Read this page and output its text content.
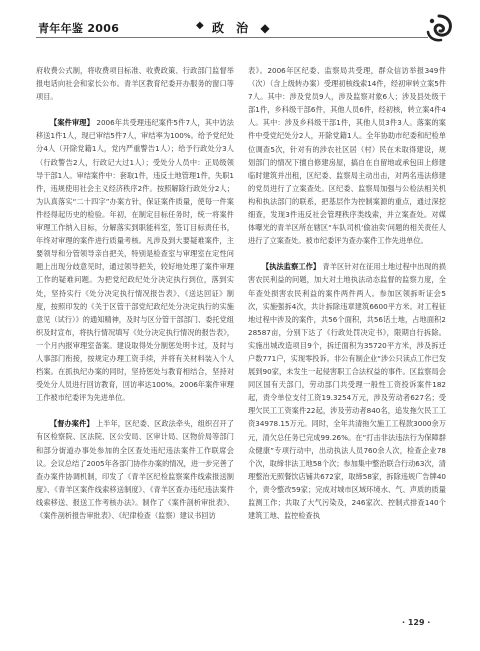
青年年鉴 2006	◆ 政 治 ◆

府收费公式制，将收费项目标准、收费政策、行政部门监督举报电话向社会和家长公布。青羊区教育纪委开办服务的窗口等项目。

【案件审理】 2006年共受理违纪案件5件7人，其中访法移送1件1人，现已审结5件7人，审结率为100%。给予党纪处分4人（开除党籍1人，党内严重警告1人）；给予行政处分3人（行政警告2人，行政记大过1人）；受处分人员中：正局级领导干部1人。审结案件中：套取1件，违反土地管理1件，失职1件，违规使用社会主义经济秩序2件。按照解除行政处分2人；为认真落实“二十四字”办案方针，保证案件质量，使每一件案件经得起历史的检验。年初，在制定目标任务时，统一将案件审理工作纳入目标，分解落实到职能科室，签订目标责任书，年终对审理的案件进行质量考核。凡涉及到大要疑难案件，主要领导和分管领导亲自把关，特别是检查室与审理室在定性问题上出现分歧意见时，通过领导把关，较好地处理了案件审理工作的疑难问题。为把党纪政纪处分决定执行到位，落到实处，坚持实行《处分决定执行情况报告表》、《送达回证》制度，按照印发的《关于区管干部党纪政纪处分决定执行的实施意见（试行）》的通知精神，及时与区分管干部部门、委托党组织及时宣布，将执行情况填写《处分决定执行情况的报告表》，一个月内报审理室备案。建设取得处分制惩处明卡过，及时与人事部门衔接，按规定办理工资手续，并将有关材料装入个人档案。在抓执纪办案的同时，坚持惩处与教育相结合，坚持对受处分人员进行回访教育，回访率达100%。2006年案件审理工作被市纪委评为先进单位。

【督办案件】 上半年，区纪委、区政法牵头，组织召开了有区检察院、区法院、区公安局、区审计局、区物价局等部门和部分街道办事处参加的全区查处违纪违法案件工作联席会议。会议总结了2005年各部门协作办案的情况，进一步完善了查办案件协调机制，印发了《青羊区纪检监察案件线索报送制度》、《青羊区案件线索移送制度》、《青羊区查办违纪违法案件线索移送、报送工作考核办法》。制作了《案件剖析审批表》、《案件剖析报告审批表》、《纪律检查（监察）建议书回访

表》。2006年区纪委、监察局共受理，群众信访举报349件（次）（含上级转办案）受理初核线索14件，经初审转立案5件7人。其中：涉及党员9人，涉及监察对象6人；涉及县处级干部1件，乡科级干部6件，其他人员6件，经初核，转立案4件4人。其中：涉及乡科级干部1件，其他人员3件3人。落案的案件中受党纪处分2人，开除党籍1人。全年协助市纪委和纪检单位调查5次，针对有的涉农社区居（村）民在未取得建设，规划部门的情况下擅自修建房屋，搞自在自留地或承包田上修建临时建筑并出租，区纪委、监察局主动出击，对两名违法修建的党员进行了立案查处。区纪委、监察局加强与公检法相关机构和执法部门的联系，把基层作为控制案源的重点，通过深挖细查，发现3件违反社会管理秩序类线索，并立案查处。对媒体曝光的青羊区所在辖区“车队司机‘偷油卖’问题的相关责任人进行了立案查处。被市纪委评为查办案件工作先进单位。

【执法监察工作】 青羊区针对在征用土地过程中出现的损害农民利益的问题，加大对土地执法动态监督的监察力度，全年查处损害农民利益的案件两件两人。参加区领拆听证会5次，实施强拆4次，共计拆除违章建筑6600平方米。对工程征地过程中涉及的案件，共56个面积，共56话土地，占地面积228587亩，分别下达了《行政处罚决定书》，限期自行拆除。实施出城改造项目9个，拆迁面积为35720平方米，涉及拆迁户数771户，实现零投诉。非公有制企业“涉公只读点工作已发展到90家，未发生一起侵害职工合法权益的事件。区监察局会同区国有天部门，劳动部门共受理一般性工资投诉案件182起，责令单位支付工资19.3254万元，涉及劳动者627名；受理欠民工工资案件22起，涉及劳动者840名，追发拖欠民工工资34978.15万元。同时，全年共清拖欠施工工程款3000余万元，清欠总任务已完成99.26%。在“打击非法违法行为保障群众健康”专项行动中，出动执法人员760余人次，检查企业78个次，取缔非法工地58个次；参加集中整治联合行动63次，清理整治无照餐饮店铺共672家，取缔58家，拆除违规广告牌40个，责令整改59家；完成对城市区域环境水、气、声质的质量监测工作；共取了大气污染及，246家次、控制式排查140个建筑工地、监控检查执

· 129 ·
